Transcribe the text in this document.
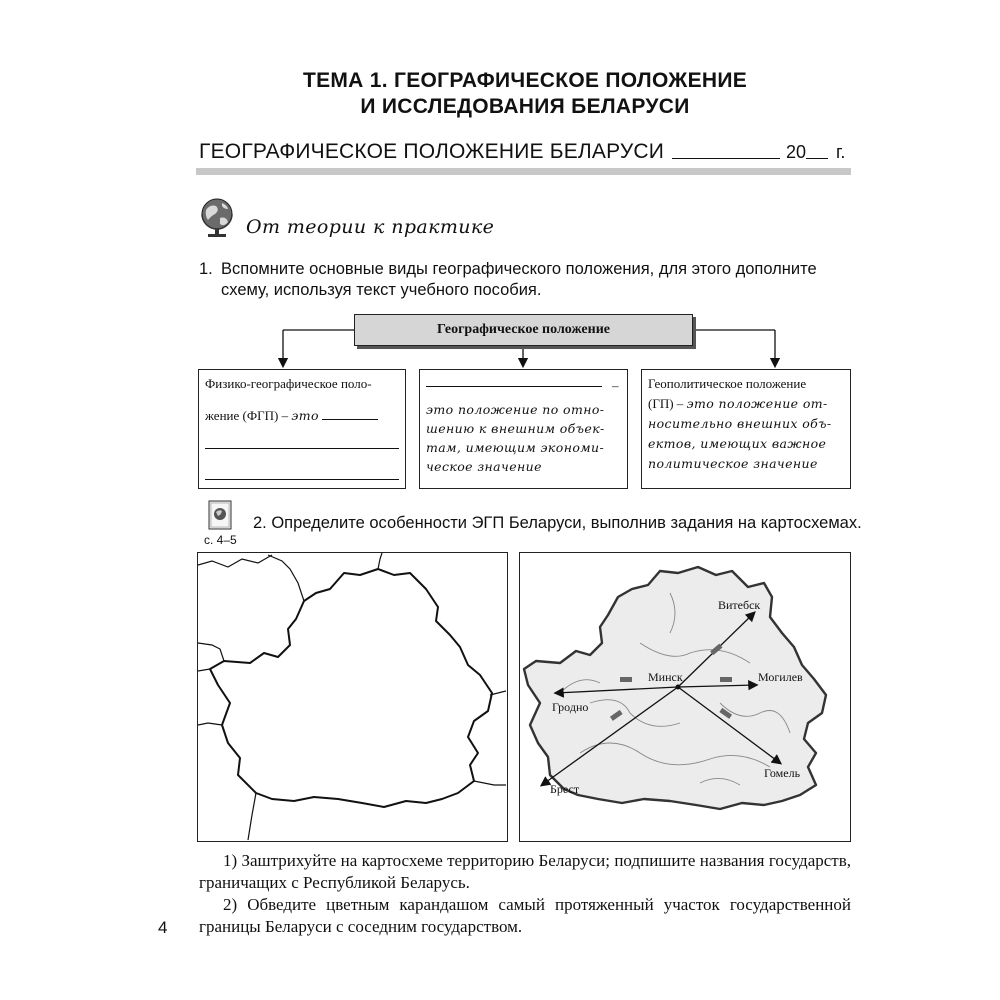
ТЕМА 1. ГЕОГРАФИЧЕСКОЕ ПОЛОЖЕНИЕ
И ИССЛЕДОВАНИЯ БЕЛАРУСИ
ГЕОГРАФИЧЕСКОЕ ПОЛОЖЕНИЕ БЕЛАРУСИ	20 г.
От теории к практике
1. Вспомните основные виды географического положения, для этого дополните
схему, используя текст учебного пособия.
Географическое положение
Физико-географическое поло-
жение (ФГП) – это
–
это положение по отно-
шению к внешним объек-
там, имеющим экономи-
ческое значение
Геополитическое положение
(ГП) – это положение от-
носительно внешних объ-
ектов, имеющих важное
политическое значение
с. 4–5
2. Определите особенности ЭГП Беларуси, выполнив задания на картосхемах.
Витебск
Минск	Могилев
Гродно
Брест
Гомель
1) Заштрихуйте на картосхеме территорию Беларуси; подпишите названия государств, граничащих с Республикой Беларусь.
2) Обведите цветным карандашом самый протяженный участок государственной границы Беларуси с соседним государством.
4
